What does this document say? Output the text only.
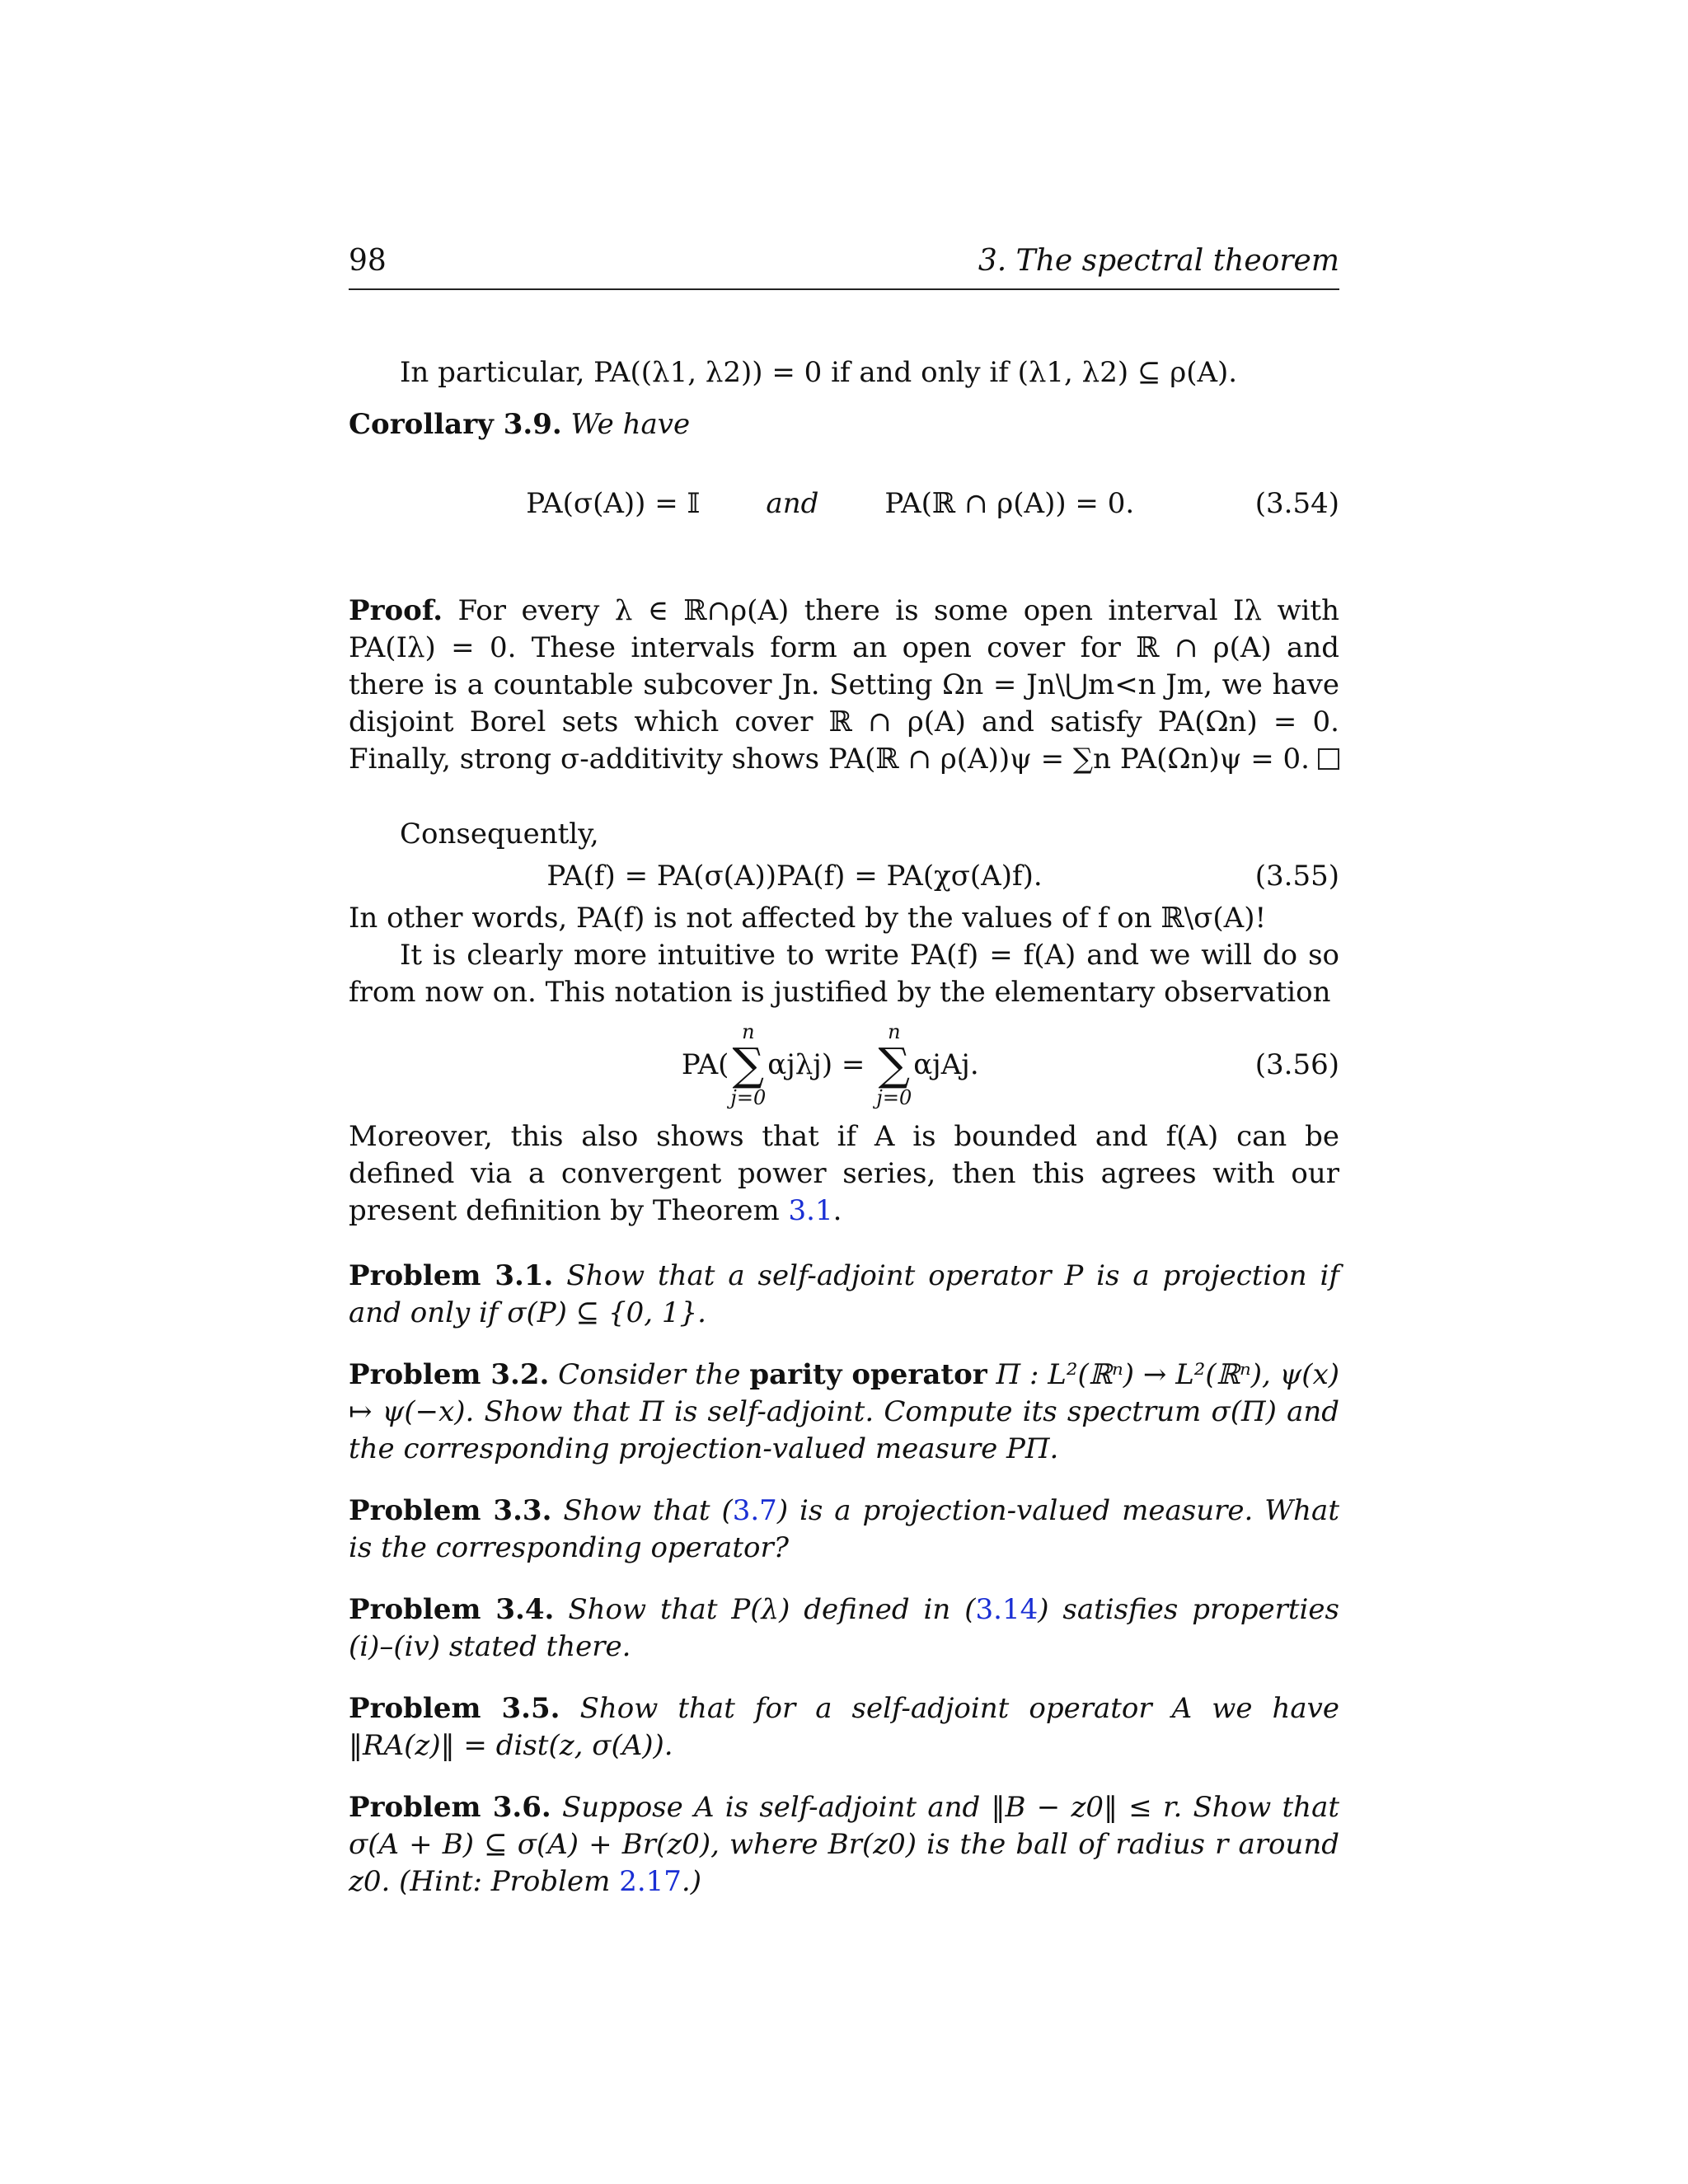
98	3. The spectral theorem

In particular, PA((λ1, λ2)) = 0 if and only if (λ1, λ2) ⊆ ρ(A).

Corollary 3.9. We have

PA(σ(A)) = 𝕀 and PA(ℝ ∩ ρ(A)) = 0.
	(3.54)

Proof. For every λ ∈ ℝ∩ρ(A) there is some open interval Iλ with PA(Iλ) = 0. These intervals form an open cover for ℝ ∩ ρ(A) and there is a countable subcover Jn. Setting Ωn = Jn\⋃m<n Jm, we have disjoint Borel sets which cover ℝ ∩ ρ(A) and satisfy PA(Ωn) = 0. Finally, strong σ-additivity shows PA(ℝ ∩ ρ(A))ψ = ∑n PA(Ωn)ψ = 0.

Consequently,

PA(f) = PA(σ(A))PA(f) = PA(χσ(A)f).	(3.55)

In other words, PA(f) is not affected by the values of f on ℝ\σ(A)!

It is clearly more intuitive to write PA(f) = f(A) and we will do so from now on. This notation is justified by the elementary observation

PA(
n
∑
j=0
αjλj) =
n
∑
j=0
αjAj.

	(3.56)

Moreover, this also shows that if A is bounded and f(A) can be defined via a convergent power series, then this agrees with our present definition by Theorem 3.1.

Problem 3.1. Show that a self-adjoint operator P is a projection if and only if σ(P) ⊆ {0, 1}.

Problem 3.2. Consider the parity operator Π : L²(ℝⁿ) → L²(ℝⁿ), ψ(x) ↦ ψ(−x). Show that Π is self-adjoint. Compute its spectrum σ(Π) and the corresponding projection-valued measure PΠ.

Problem 3.3. Show that (3.7) is a projection-valued measure. What is the corresponding operator?

Problem 3.4. Show that P(λ) defined in (3.14) satisfies properties (i)–(iv) stated there.

Problem 3.5. Show that for a self-adjoint operator A we have ‖RA(z)‖ = dist(z, σ(A)).

Problem 3.6. Suppose A is self-adjoint and ‖B − z0‖ ≤ r. Show that σ(A + B) ⊆ σ(A) + Br(z0), where Br(z0) is the ball of radius r around z0. (Hint: Problem 2.17.)
